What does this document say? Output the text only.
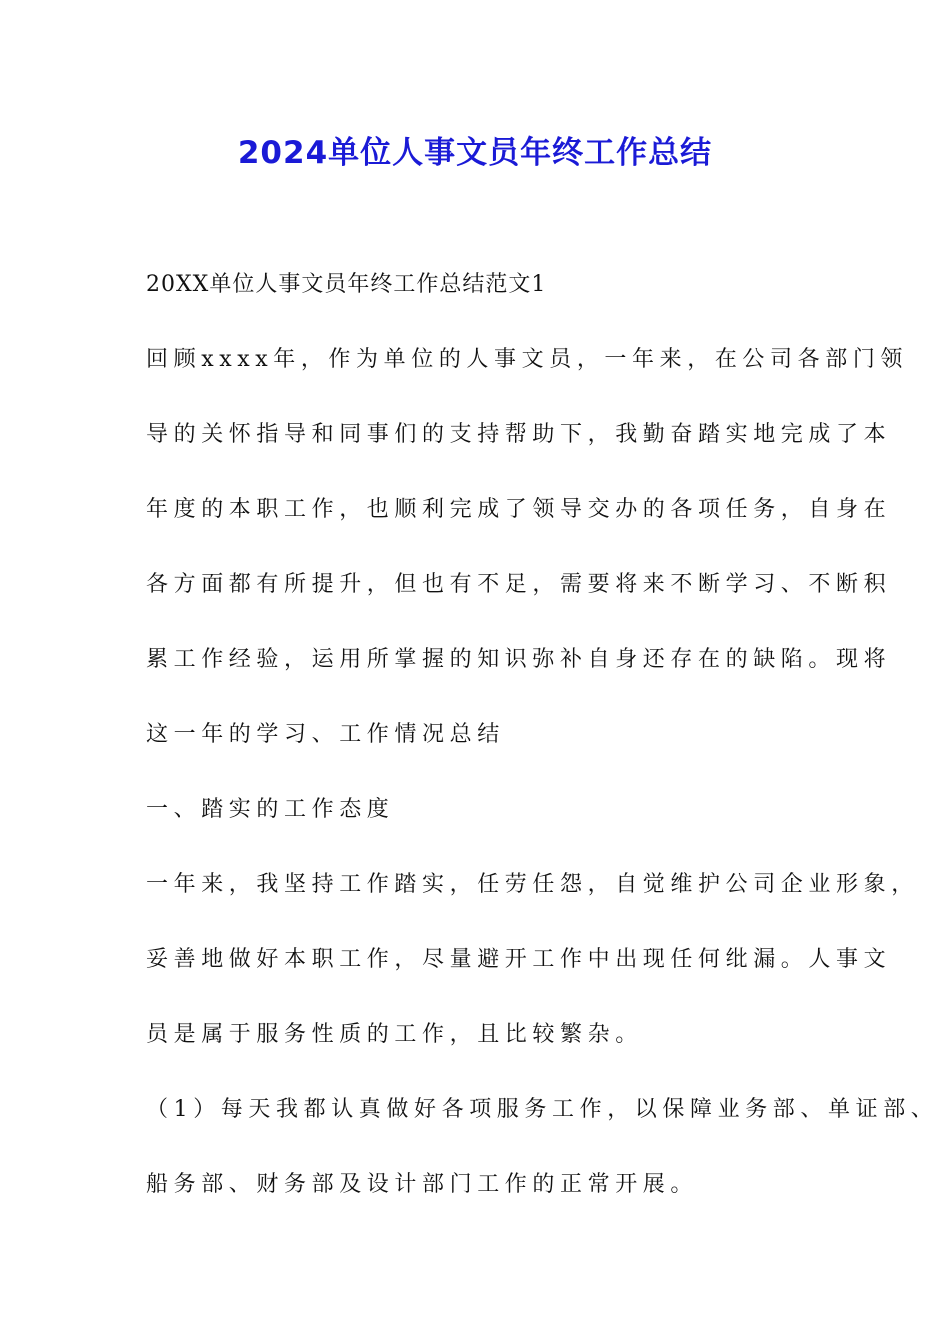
2024单位人事文员年终工作总结

20XX单位人事文员年终工作总结范文1

回顾xxxx年，作为单位的人事文员，一年来，在公司各部门领

导的关怀指导和同事们的支持帮助下，我勤奋踏实地完成了本

年度的本职工作，也顺利完成了领导交办的各项任务，自身在

各方面都有所提升，但也有不足，需要将来不断学习、不断积

累工作经验，运用所掌握的知识弥补自身还存在的缺陷。现将

这一年的学习、工作情况总结

一、踏实的工作态度

一年来，我坚持工作踏实，任劳任怨，自觉维护公司企业形象，

妥善地做好本职工作，尽量避开工作中出现任何纰漏。人事文

员是属于服务性质的工作，且比较繁杂。

（1）每天我都认真做好各项服务工作，以保障业务部、单证部、

船务部、财务部及设计部门工作的正常开展。
